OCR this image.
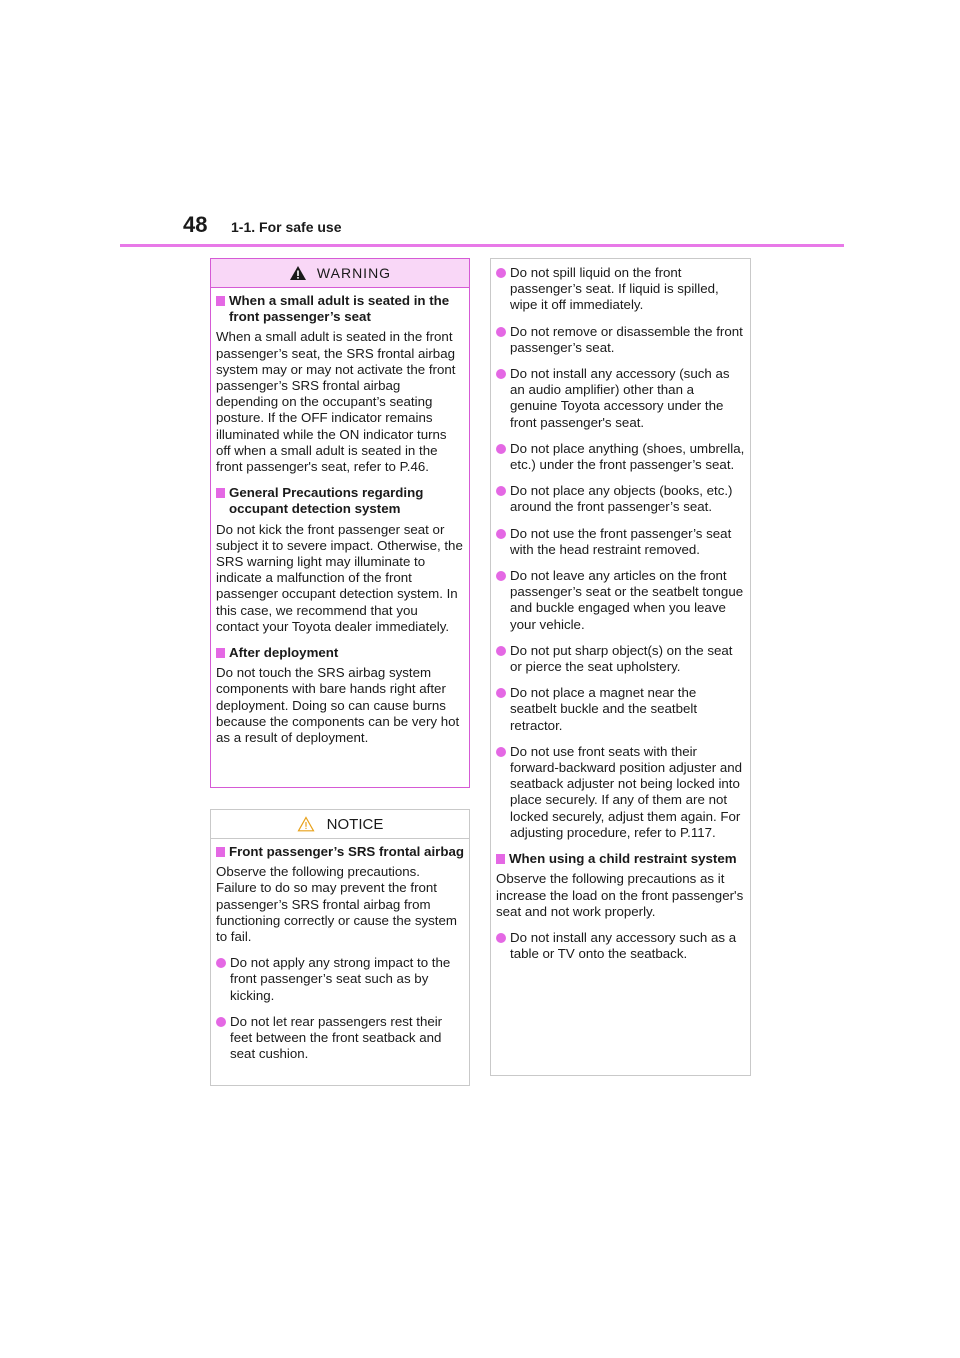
48 1-1. For safe use
WARNING
When a small adult is seated in the front passenger’s seat
When a small adult is seated in the front passenger’s seat, the SRS frontal airbag system may or may not activate the front passenger’s SRS frontal airbag depending on the occupant’s seating posture. If the OFF indicator remains illuminated while the ON indicator turns off when a small adult is seated in the front passenger's seat, refer to P.46.
General Precautions regarding occupant detection system
Do not kick the front passenger seat or subject it to severe impact. Otherwise, the SRS warning light may illuminate to indicate a malfunction of the front passenger occupant detection system. In this case, we recommend that you contact your Toyota dealer immediately.
After deployment
Do not touch the SRS airbag system components with bare hands right after deployment. Doing so can cause burns because the components can be very hot as a result of deployment.
NOTICE
Front passenger’s SRS frontal airbag
Observe the following precautions. Failure to do so may prevent the front passenger’s SRS frontal airbag from functioning correctly or cause the system to fail.
Do not apply any strong impact to the front passenger’s seat such as by kicking.
Do not let rear passengers rest their feet between the front seatback and seat cushion.
Do not spill liquid on the front passenger’s seat. If liquid is spilled, wipe it off immediately.
Do not remove or disassemble the front passenger’s seat.
Do not install any accessory (such as an audio amplifier) other than a genuine Toyota accessory under the front passenger's seat.
Do not place anything (shoes, umbrella, etc.) under the front passenger’s seat.
Do not place any objects (books, etc.) around the front passenger’s seat.
Do not use the front passenger’s seat with the head restraint removed.
Do not leave any articles on the front passenger’s seat or the seatbelt tongue and buckle engaged when you leave your vehicle.
Do not put sharp object(s) on the seat or pierce the seat upholstery.
Do not place a magnet near the seatbelt buckle and the seatbelt retractor.
Do not use front seats with their forward-backward position adjuster and seatback adjuster not being locked into place securely. If any of them are not locked securely, adjust them again. For adjusting procedure, refer to P.117.
When using a child restraint system
Observe the following precautions as it increase the load on the front passenger's seat and not work properly.
Do not install any accessory such as a table or TV onto the seatback.
